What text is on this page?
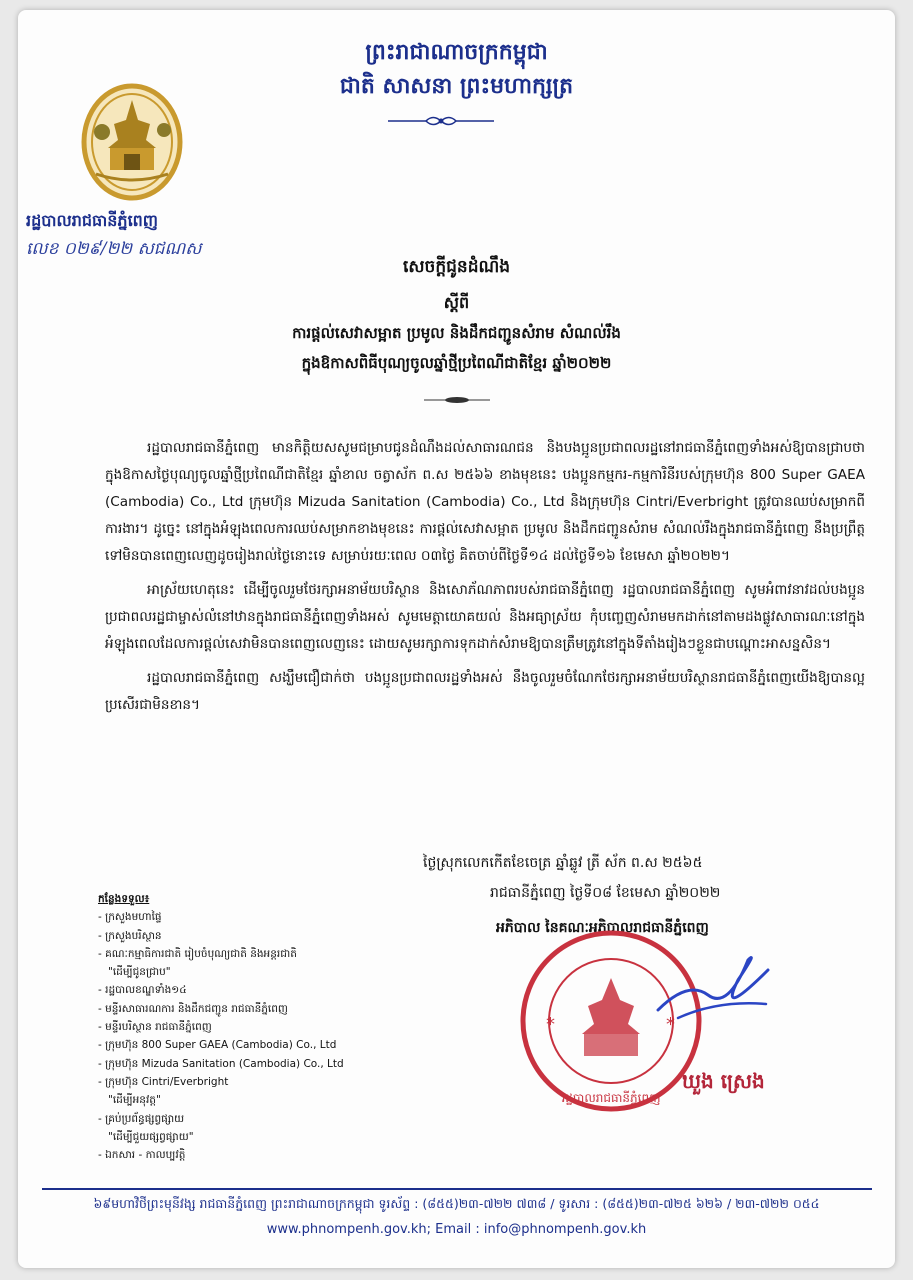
ព្រះរាជាណាចក្រកម្ពុជា
ជាតិ សាសនា ព្រះមហាក្សត្រ
រដ្ឋបាលរាជធានីភ្នំពេញ
លេខ ០២៩/២២ សជណស
សេចក្តីជូនដំណឹង
ស្តីពី
ការផ្តល់សេវាសម្អាត ប្រមូល និងដឹកជញ្ជូនសំរាម សំណល់រឹង
ក្នុងឱកាសពិធីបុណ្យចូលឆ្នាំថ្មីប្រពៃណីជាតិខ្មែរ ឆ្នាំ២០២២

រដ្ឋបាលរាជធានីភ្នំពេញ មានកិត្តិយសសូមជម្រាបជូនដំណឹងដល់សាធារណជន និងបងប្អូនប្រជាពលរដ្ឋនៅរាជធានីភ្នំពេញទាំងអស់ឱ្យបានជ្រាបថា ក្នុងឱកាសថ្ងៃបុណ្យចូលឆ្នាំថ្មីប្រពៃណីជាតិខ្មែរ ឆ្នាំខាល ចត្វាស័ក ព.ស ២៥៦៦ ខាងមុខនេះ បងប្អូនកម្មករ-កម្មការិនីរបស់ក្រុមហ៊ុន 800 Super GAEA (Cambodia) Co., Ltd ក្រុមហ៊ុន Mizuda Sanitation (Cambodia) Co., Ltd និងក្រុមហ៊ុន Cintri/Everbright ត្រូវបានឈប់សម្រាកពីការងារ។ ដូច្នេះ នៅក្នុងអំឡុងពេលការឈប់សម្រាកខាងមុខនេះ ការផ្តល់សេវាសម្អាត ប្រមូល និងដឹកជញ្ជូនសំរាម សំណល់រឹងក្នុងរាជធានីភ្នំពេញ នឹងប្រព្រឹត្តទៅមិនបានពេញលេញដូចរៀងរាល់ថ្ងៃនោះទេ សម្រាប់រយៈពេល ០៣ថ្ងៃ គិតចាប់ពីថ្ងៃទី១៤ ដល់ថ្ងៃទី១៦ ខែមេសា ឆ្នាំ២០២២។

អាស្រ័យហេតុនេះ ដើម្បីចូលរួមថែរក្សាអនាម័យបរិស្ថាន និងសោភ័ណភាពរបស់រាជធានីភ្នំពេញ រដ្ឋបាលរាជធានីភ្នំពេញ សូមអំពាវនាវដល់បងប្អូនប្រជាពលរដ្ឋជាម្ចាស់លំនៅឋានក្នុងរាជធានីភ្នំពេញទាំងអស់ សូមមេត្តាយោគយល់ និងអធ្យាស្រ័យ កុំបញ្ចេញសំរាមមកដាក់នៅតាមដងផ្លូវសាធារណៈនៅក្នុងអំឡុងពេលដែលការផ្តល់សេវាមិនបានពេញលេញនេះ ដោយសូមរក្សាការទុកដាក់សំរាមឱ្យបានត្រឹមត្រូវនៅក្នុងទីតាំងរៀងៗខ្លួនជាបណ្តោះអាសន្នសិន។

រដ្ឋបាលរាជធានីភ្នំពេញ សង្ឃឹមជឿជាក់ថា បងប្អូនប្រជាពលរដ្ឋទាំងអស់ នឹងចូលរួមចំណែកថែរក្សាអនាម័យបរិស្ថានរាជធានីភ្នំពេញយើងឱ្យបានល្អប្រសើរជាមិនខាន។

ថ្ងៃស្រុកលេកកើតខែចេត្រ ឆ្នាំឆ្លូវ ត្រី ស័ក ព.ស ២៥៦៥
រាជធានីភ្នំពេញ ថ្ងៃទី០៨ ខែមេសា ឆ្នាំ២០២២
អភិបាល នៃគណៈអភិបាលរាជធានីភ្នំពេញ
*	*
រដ្ឋបាលរាជធានីភ្នំពេញ
ឃួង ស្រេង
កន្លែងទទួល៖
- ក្រសួងមហាផ្ទៃ
- ក្រសួងបរិស្ថាន
- គណៈកម្មាធិការជាតិ រៀបចំបុណ្យជាតិ និងអន្តរជាតិ
"ដើម្បីជូនជ្រាប"
- រដ្ឋបាលខណ្ឌទាំង១៤
- មន្ទីរសាធារណការ និងដឹកជញ្ជូន រាជធានីភ្នំពេញ
- មន្ទីរបរិស្ថាន រាជធានីភ្នំពេញ
- ក្រុមហ៊ុន 800 Super GAEA (Cambodia) Co., Ltd
- ក្រុមហ៊ុន Mizuda Sanitation (Cambodia) Co., Ltd
- ក្រុមហ៊ុន Cintri/Everbright
"ដើម្បីអនុវត្ត"
- គ្រប់ប្រព័ន្ធផ្សព្វផ្សាយ
"ដើម្បីជួយផ្សព្វផ្សាយ"
- ឯកសារ - កាលប្បវត្តិ
៦៩មហាវិថីព្រះមុនីវង្ស រាជធានីភ្នំពេញ ព្រះរាជាណាចក្រកម្ពុជា ទូរស័ព្ទ : (៨៥៥)២៣-៧២២ ៧៣៨ / ទូរសារ : (៨៥៥)២៣-៧២៥ ៦២៦ / ២៣-៧២២ ០៥៤
www.phnompenh.gov.kh; Email : info@phnompenh.gov.kh
